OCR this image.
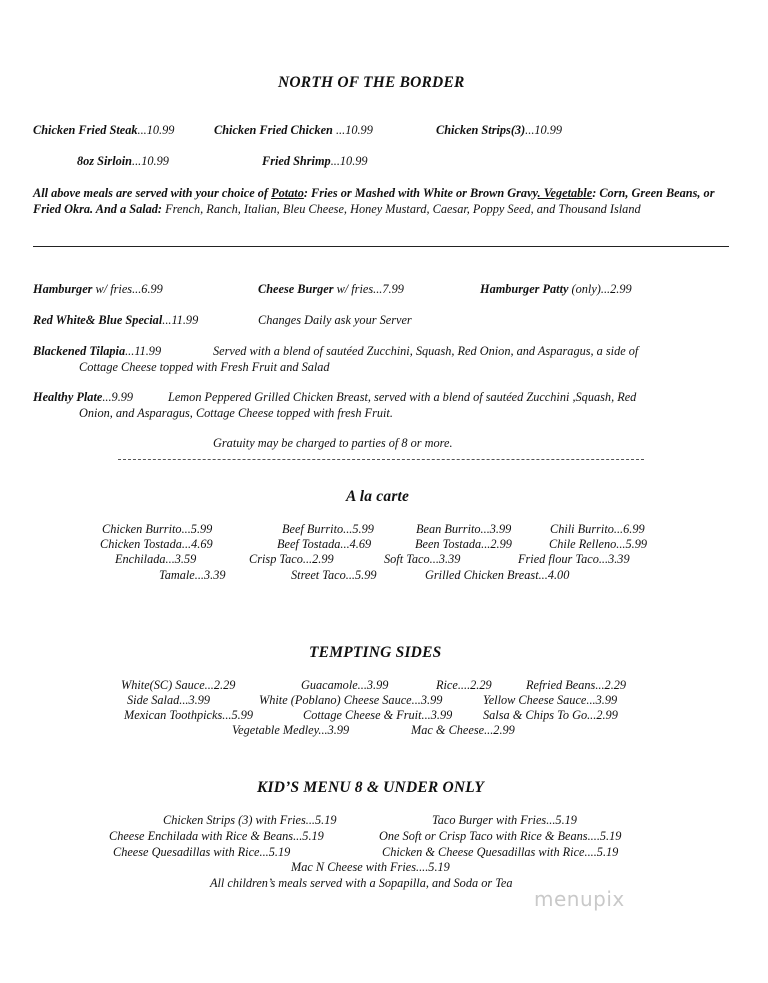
NORTH OF THE BORDER
Chicken Fried Steak...10.99	Chicken Fried Chicken ...10.99	Chicken Strips(3)...10.99
8oz Sirloin...10.99	Fried Shrimp...10.99
All above meals are served with your choice of Potato: Fries or Mashed with White or Brown Gravy. Vegetable: Corn, Green Beans, or Fried Okra. And a Salad: French, Ranch, Italian, Bleu Cheese, Honey Mustard, Caesar, Poppy Seed, and Thousand Island
Hamburger w/ fries...6.99	Cheese Burger w/ fries...7.99	Hamburger Patty (only)...2.99
Red White& Blue Special...11.99	Changes Daily ask your Server
Blackened Tilapia...11.99	Served with a blend of sautéed Zucchini, Squash, Red Onion, and Asparagus, a side of
Cottage Cheese topped with Fresh Fruit and Salad
Healthy Plate...9.99	Lemon Peppered Grilled Chicken Breast, served with a blend of sautéed Zucchini ,Squash, Red
Onion, and Asparagus, Cottage Cheese topped with fresh Fruit.
Gratuity may be charged to parties of 8 or more.
A la carte
Chicken Burrito...5.99	Beef Burrito...5.99	Bean Burrito...3.99	Chili Burrito...6.99
Chicken Tostada...4.69	Beef Tostada...4.69	Been Tostada...2.99	Chile Relleno...5.99
Enchilada...3.59	Crisp Taco...2.99	Soft Taco...3.39	Fried flour Taco...3.39
Tamale...3.39	Street Taco...5.99	Grilled Chicken Breast...4.00
TEMPTING SIDES
White(SC) Sauce...2.29	Guacamole...3.99	Rice....2.29	Refried Beans...2.29
Side Salad...3.99	White (Poblano) Cheese Sauce...3.99	Yellow Cheese Sauce...3.99
Mexican Toothpicks...5.99	Cottage Cheese & Fruit...3.99 Salsa & Chips To Go...2.99
Vegetable Medley...3.99	Mac & Cheese...2.99
KID’S MENU 8 & UNDER ONLY
Chicken Strips (3) with Fries...5.19	Taco Burger with Fries...5.19
Cheese Enchilada with Rice & Beans...5.19	One Soft or Crisp Taco with Rice & Beans....5.19
Cheese Quesadillas with Rice...5.19	Chicken & Cheese Quesadillas with Rice....5.19
Mac N Cheese with Fries....5.19
All children’s meals served with a Sopapilla, and Soda or Tea
menupix
